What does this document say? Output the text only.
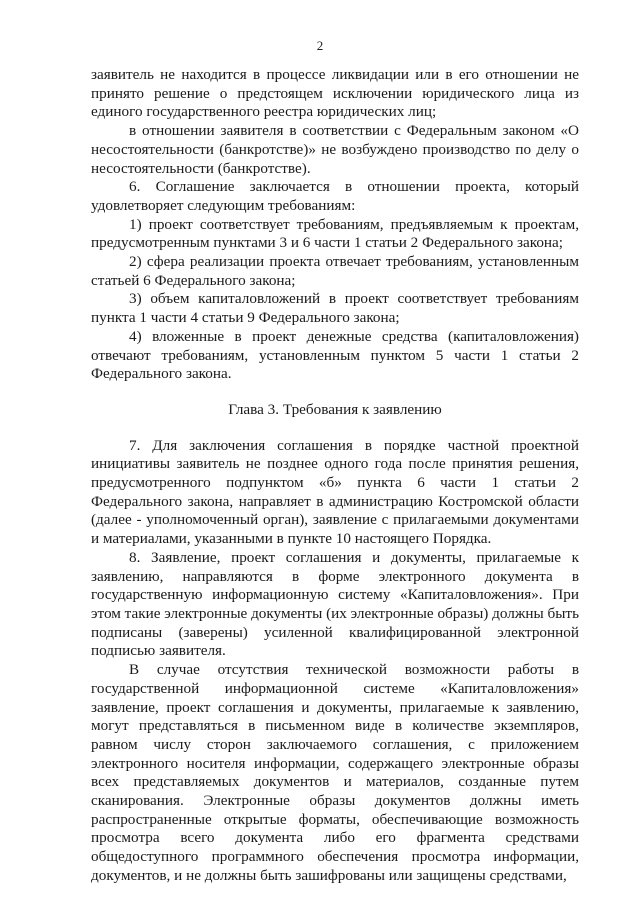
2

заявитель не находится в процессе ликвидации или в его отношении не принято решение о предстоящем исключении юридического лица из единого государственного реестра юридических лиц;

в отношении заявителя в соответствии с Федеральным законом «О несостоятельности (банкротстве)» не возбуждено производство по делу о несостоятельности (банкротстве).

6. Соглашение заключается в отношении проекта, который удовлетворяет следующим требованиям:

1) проект соответствует требованиям, предъявляемым к проектам, предусмотренным пунктами 3 и 6 части 1 статьи 2 Федерального закона;

2) сфера реализации проекта отвечает требованиям, установленным статьей 6 Федерального закона;

3) объем капиталовложений в проект соответствует требованиям пункта 1 части 4 статьи 9 Федерального закона;

4) вложенные в проект денежные средства (капиталовложения) отвечают требованиям, установленным пунктом 5 части 1 статьи 2 Федерального закона.

Глава 3. Требования к заявлению

7. Для заключения соглашения в порядке частной проектной инициативы заявитель не позднее одного года после принятия решения, предусмотренного подпунктом «б» пункта 6 части 1 статьи 2 Федерального закона, направляет в администрацию Костромской области (далее - уполномоченный орган), заявление с прилагаемыми документами и материалами, указанными в пункте 10 настоящего Порядка.

8. Заявление, проект соглашения и документы, прилагаемые к заявлению, направляются в форме электронного документа в государственную информационную систему «Капиталовложения». При этом такие электронные документы (их электронные образы) должны быть подписаны (заверены) усиленной квалифицированной электронной подписью заявителя.

В случае отсутствия технической возможности работы в государственной информационной системе «Капиталовложения» заявление, проект соглашения и документы, прилагаемые к заявлению, могут представляться в письменном виде в количестве экземпляров, равном числу сторон заключаемого соглашения, с приложением электронного носителя информации, содержащего электронные образы всех представляемых документов и материалов, созданные путем сканирования. Электронные образы документов должны иметь распространенные открытые форматы, обеспечивающие возможность просмотра всего документа либо его фрагмента средствами общедоступного программного обеспечения просмотра информации, документов, и не должны быть зашифрованы или защищены средствами,
